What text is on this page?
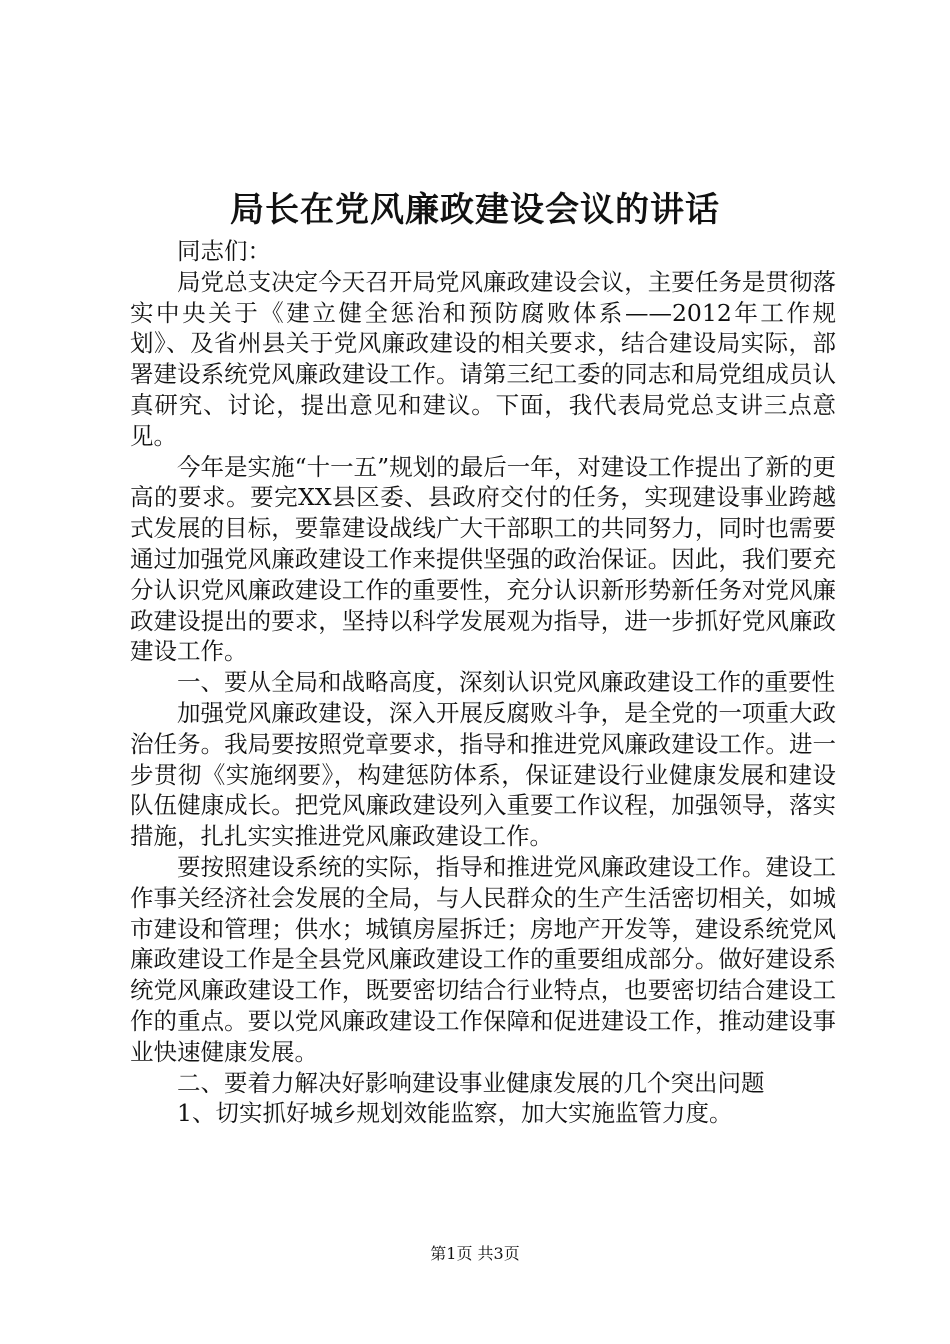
局长在党风廉政建设会议的讲话

同志们：

局党总支决定今天召开局党风廉政建设会议，主要任务是贯彻落实中央关于《建立健全惩治和预防腐败体系——2012年工作规划》、及省州县关于党风廉政建设的相关要求，结合建设局实际，部署建设系统党风廉政建设工作。请第三纪工委的同志和局党组成员认真研究、讨论，提出意见和建议。下面，我代表局党总支讲三点意见。

今年是实施“十一五”规划的最后一年，对建设工作提出了新的更高的要求。要完XX县区委、县政府交付的任务，实现建设事业跨越式发展的目标，要靠建设战线广大干部职工的共同努力，同时也需要通过加强党风廉政建设工作来提供坚强的政治保证。因此，我们要充分认识党风廉政建设工作的重要性，充分认识新形势新任务对党风廉政建设提出的要求，坚持以科学发展观为指导，进一步抓好党风廉政建设工作。

一、要从全局和战略高度，深刻认识党风廉政建设工作的重要性

加强党风廉政建设，深入开展反腐败斗争，是全党的一项重大政治任务。我局要按照党章要求，指导和推进党风廉政建设工作。进一步贯彻《实施纲要》，构建惩防体系，保证建设行业健康发展和建设队伍健康成长。把党风廉政建设列入重要工作议程，加强领导，落实措施，扎扎实实推进党风廉政建设工作。

要按照建设系统的实际，指导和推进党风廉政建设工作。建设工作事关经济社会发展的全局，与人民群众的生产生活密切相关，如城市建设和管理；供水；城镇房屋拆迁；房地产开发等，建设系统党风廉政建设工作是全县党风廉政建设工作的重要组成部分。做好建设系统党风廉政建设工作，既要密切结合行业特点，也要密切结合建设工作的重点。要以党风廉政建设工作保障和促进建设工作，推动建设事业快速健康发展。

二、要着力解决好影响建设事业健康发展的几个突出问题

1、切实抓好城乡规划效能监察，加大实施监管力度。

第1页 共3页
